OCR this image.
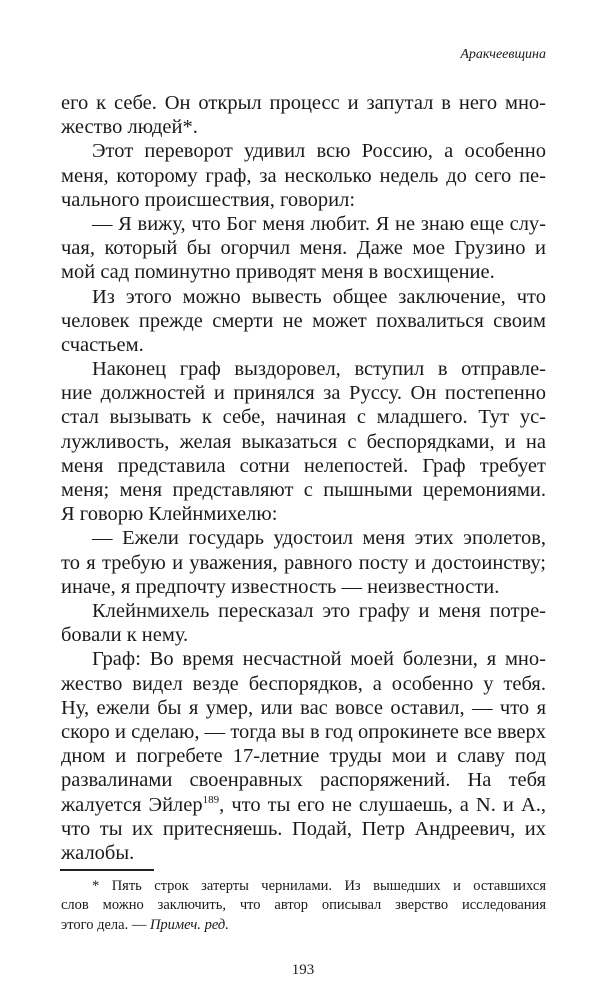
Аракчеевщина
его к себе. Он открыл процесс и запутал в него мно-
жество людей*.
Этот переворот удивил всю Россию, а особенно
меня, которому граф, за несколько недель до сего пе-
чального происшествия, говорил:
— Я вижу, что Бог меня любит. Я не знаю еще слу-
чая, который бы огорчил меня. Даже мое Грузино и
мой сад поминутно приводят меня в восхищение.
Из этого можно вывесть общее заключение, что
человек прежде смерти не может похвалиться своим
счастьем.
Наконец граф выздоровел, вступил в отправле-
ние должностей и принялся за Руссу. Он постепенно
стал вызывать к себе, начиная с младшего. Тут ус-
лужливость, желая выказаться с беспорядками, и на
меня представила сотни нелепостей. Граф требует
меня; меня представляют с пышными церемониями.
Я говорю Клейнмихелю:
— Ежели государь удостоил меня этих эполетов,
то я требую и уважения, равного посту и достоинству;
иначе, я предпочту известность — неизвестности.
Клейнмихель пересказал это графу и меня потре-
бовали к нему.
Граф: Во время несчастной моей болезни, я мно-
жество видел везде беспорядков, а особенно у тебя.
Ну, ежели бы я умер, или вас вовсе оставил, — что я
скоро и сделаю, — тогда вы в год опрокинете все вверх
дном и погребете 17-летние труды мои и славу под
развалинами своенравных распоряжений. На тебя
жалуется Эйлер$^{189}$, что ты его не слушаешь, а N. и А.,
что ты их притесняешь. Подай, Петр Андреевич, их
жалобы.
* Пять строк затерты чернилами. Из вышедших и оставшихся
слов можно заключить, что автор описывал зверство исследования
этого дела. — Примеч. ред.
193
